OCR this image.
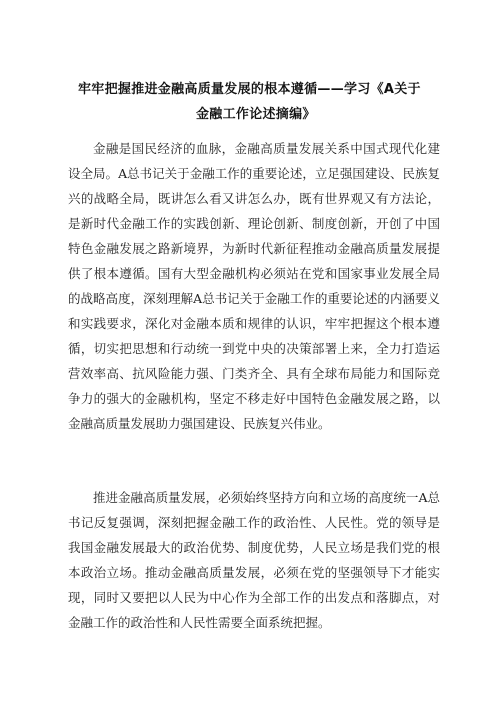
牢牢把握推进金融高质量发展的根本遵循——学习《A关于
金融工作论述摘编》

金融是国民经济的血脉，金融高质量发展关系中国式现代化建设全局。A总书记关于金融工作的重要论述，立足强国建设、民族复兴的战略全局，既讲怎么看又讲怎么办，既有世界观又有方法论，是新时代金融工作的实践创新、理论创新、制度创新，开创了中国特色金融发展之路新境界，为新时代新征程推动金融高质量发展提供了根本遵循。国有大型金融机构必须站在党和国家事业发展全局的战略高度，深刻理解A总书记关于金融工作的重要论述的内涵要义和实践要求，深化对金融本质和规律的认识，牢牢把握这个根本遵循，切实把思想和行动统一到党中央的决策部署上来，全力打造运营效率高、抗风险能力强、门类齐全、具有全球布局能力和国际竞争力的强大的金融机构，坚定不移走好中国特色金融发展之路，以金融高质量发展助力强国建设、民族复兴伟业。

推进金融高质量发展，必须始终坚持方向和立场的高度统一A总书记反复强调，深刻把握金融工作的政治性、人民性。党的领导是我国金融发展最大的政治优势、制度优势，人民立场是我们党的根本政治立场。推动金融高质量发展，必须在党的坚强领导下才能实现，同时又要把以人民为中心作为全部工作的出发点和落脚点，对金融工作的政治性和人民性需要全面系统把握。
